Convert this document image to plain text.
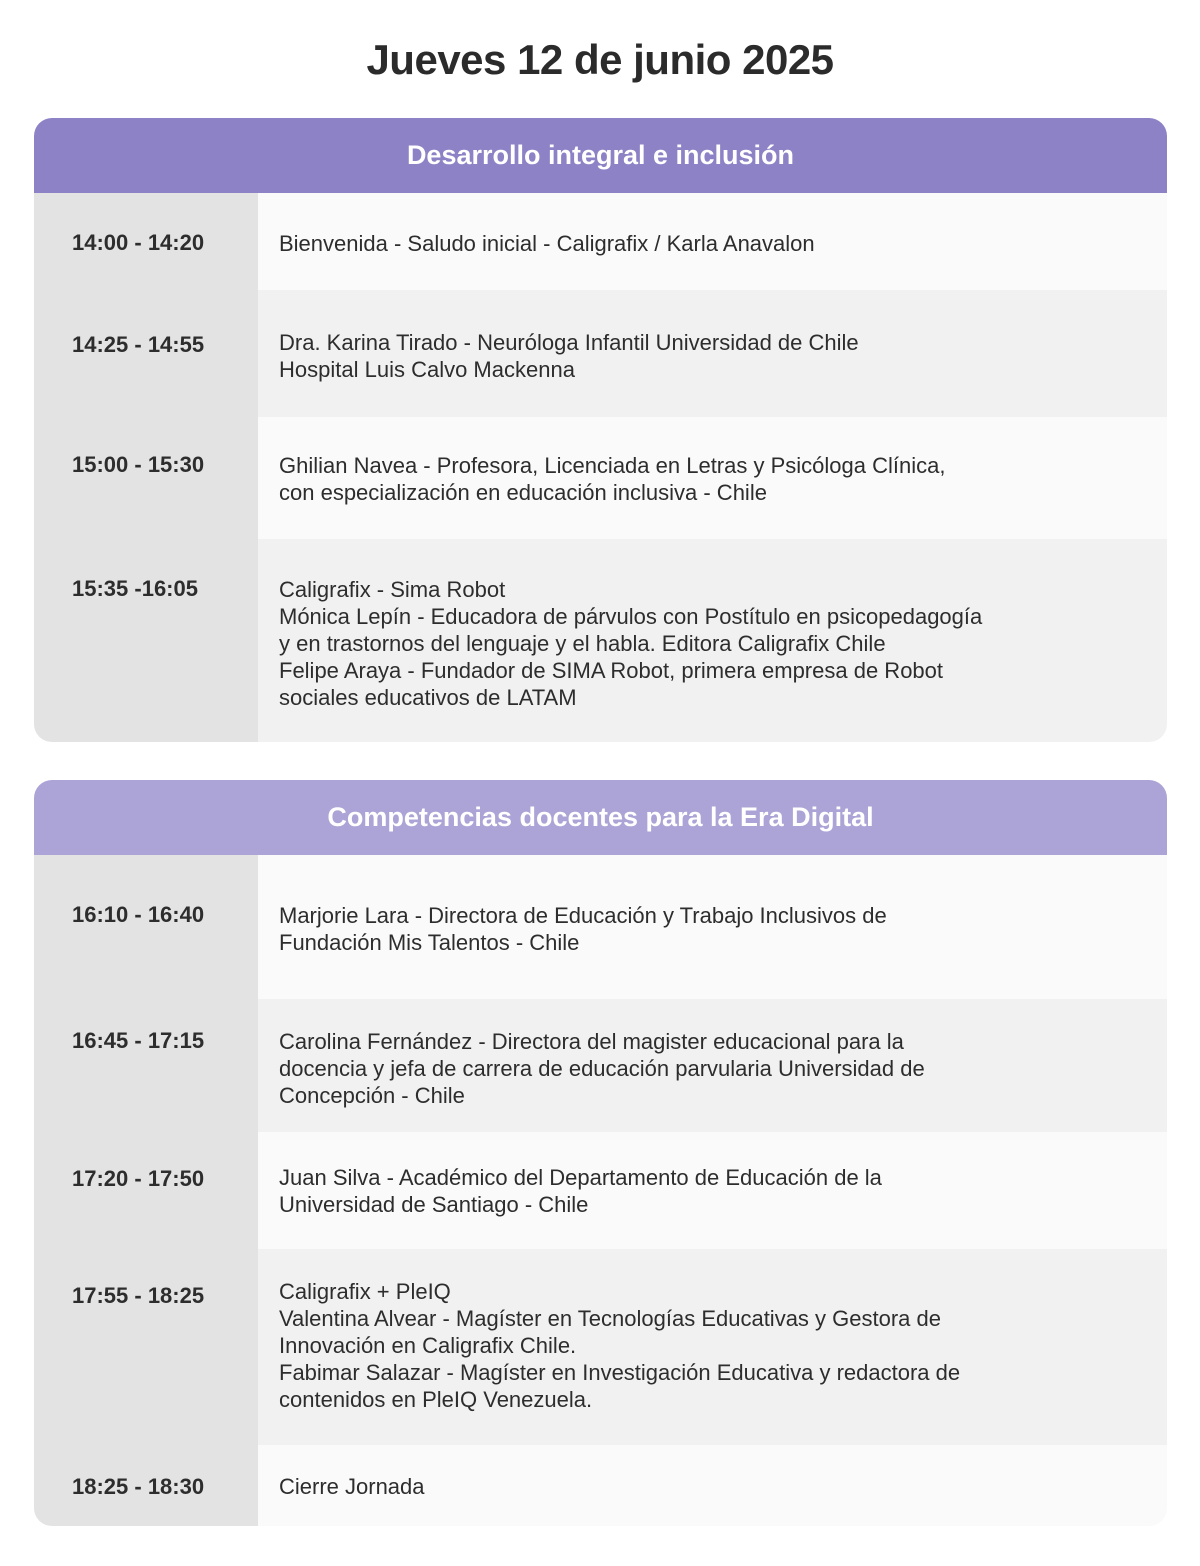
Jueves 12 de junio 2025
Desarrollo integral e inclusión
14:00 - 14:20	Bienvenida - Saludo inicial - Caligrafix / Karla Anavalon
14:25 - 14:55	Dra. Karina Tirado - Neuróloga Infantil Universidad de Chile
Hospital Luis Calvo Mackenna
15:00 - 15:30	Ghilian Navea - Profesora, Licenciada en Letras y Psicóloga Clínica,
con especialización en educación inclusiva - Chile
15:35 -16:05	Caligrafix - Sima Robot
Mónica Lepín - Educadora de párvulos con Postítulo en psicopedagogía
y en trastornos del lenguaje y el habla. Editora Caligrafix Chile
Felipe Araya - Fundador de SIMA Robot, primera empresa de Robot
sociales educativos de LATAM
Competencias docentes para la Era Digital
16:10 - 16:40	Marjorie Lara - Directora de Educación y Trabajo Inclusivos de
Fundación Mis Talentos - Chile
16:45 - 17:15	Carolina Fernández - Directora del magister educacional para la
docencia y jefa de carrera de educación parvularia Universidad de
Concepción - Chile
17:20 - 17:50	Juan Silva - Académico del Departamento de Educación de la
Universidad de Santiago - Chile
17:55 - 18:25	Caligrafix + PleIQ
Valentina Alvear - Magíster en Tecnologías Educativas y Gestora de
Innovación en Caligrafix Chile.
Fabimar Salazar - Magíster en Investigación Educativa y redactora de
contenidos en PleIQ Venezuela.
18:25 - 18:30	Cierre Jornada
